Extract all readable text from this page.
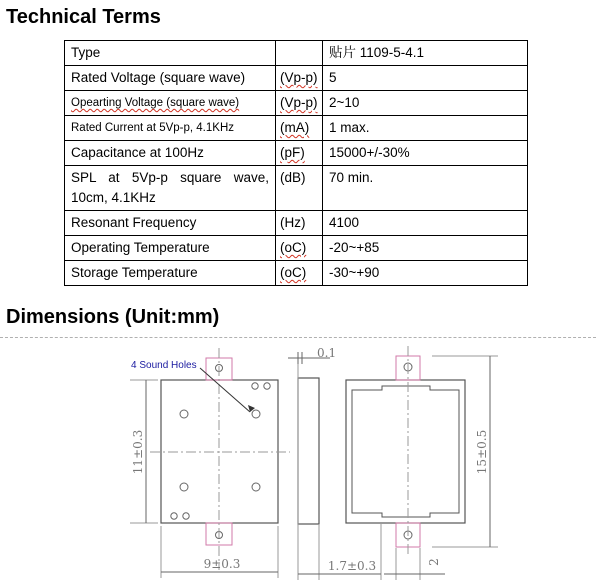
Technical Terms
Type		贴片 1109-5-4.1
Rated Voltage (square wave)	(Vp-p)	5
Opearting Voltage (square wave)	(Vp-p)	2~10
Rated Current at 5Vp-p, 4.1KHz	(mA)	1 max.
Capacitance at 100Hz	(pF)	15000+/-30%
SPL at 5Vp-p square wave, 10cm, 4.1KHz	(dB)	70 min.
Resonant Frequency	(Hz)	4100
Operating Temperature	(oC)	-20~+85
Storage Temperature	(oC)	-30~+90
Dimensions (Unit:mm)
4 Sound Holes
9±0.3
11±0.3
0.1
1.7±0.3
15±0.5
2
